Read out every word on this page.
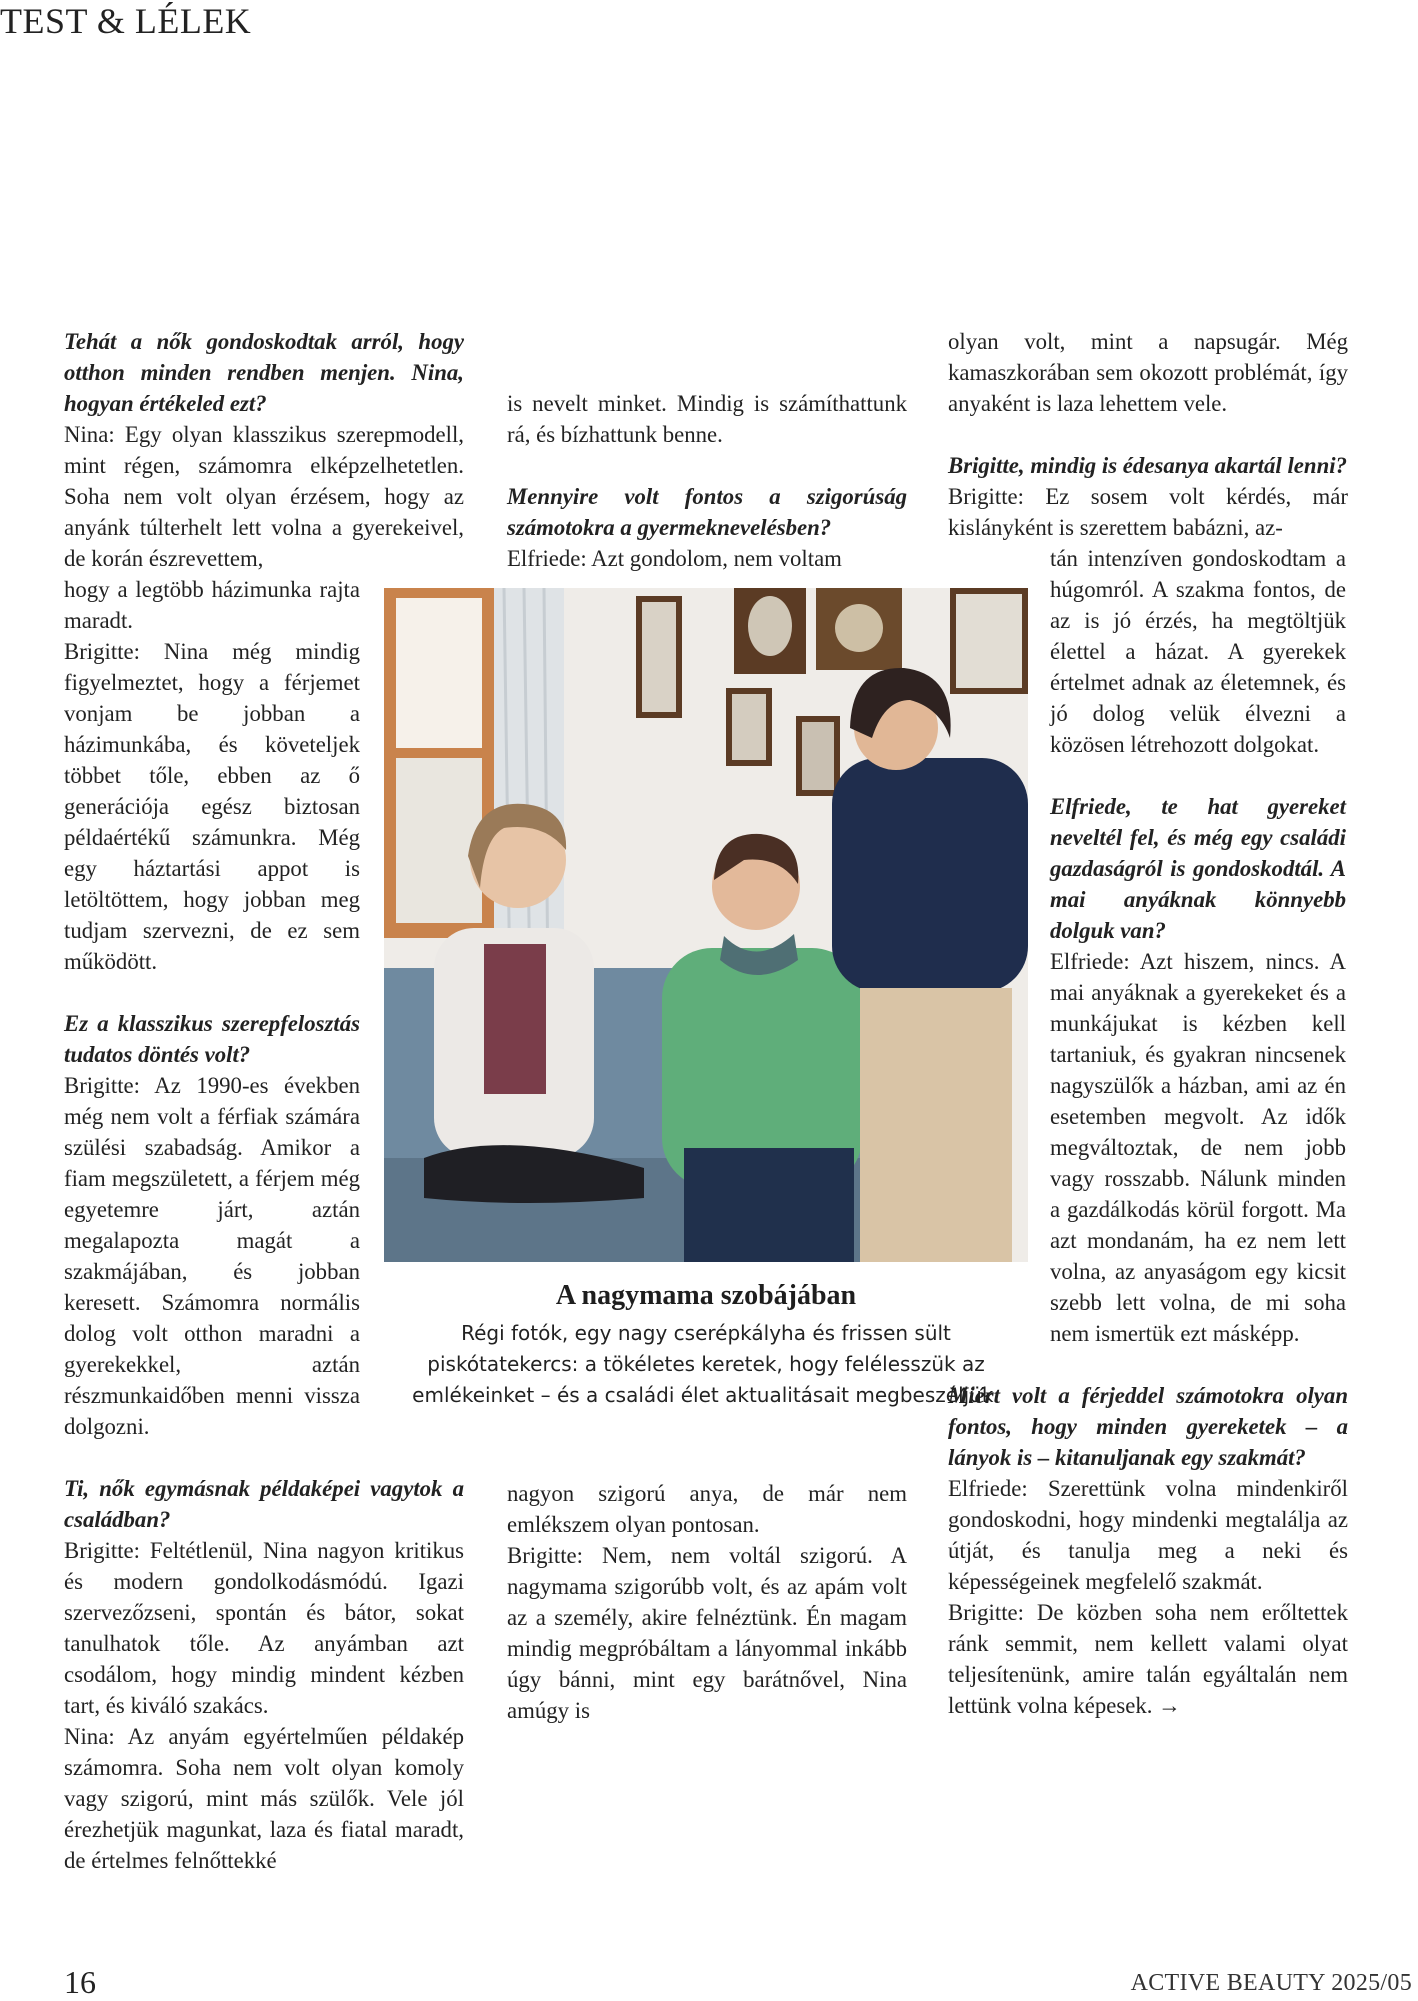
TEST & LÉLEK

Tehát a nők gondoskodtak arról, hogy otthon minden rendben menjen. Nina, hogyan értékeled ezt?

Nina: Egy olyan klasszikus szerepmodell, mint régen, számomra elképzelhetetlen. Soha nem volt olyan érzésem, hogy az anyánk túlterhelt lett volna a gyerekeivel, de korán észrevettem,

hogy a legtöbb házimunka rajta maradt.

Brigitte: Nina még mindig figyelmeztet, hogy a férjemet vonjam be jobban a házimunkába, és követeljek többet tőle, ebben az ő generációja egész biztosan példaértékű számunkra. Még egy háztartási appot is letöltöttem, hogy jobban meg tudjam szervezni, de ez sem működött.

Ez a klasszikus szerepfelosztás tudatos döntés volt?

Brigitte: Az 1990-es években még nem volt a férfiak számára szülési szabadság. Amikor a fiam megszületett, a férjem még egyetemre járt, aztán megalapozta magát a szakmájában, és jobban keresett. Számomra normális dolog volt otthon maradni a gyerekekkel, aztán részmunkaidőben menni vissza dolgozni.

Ti, nők egymásnak példaképei vagytok a családban?

Brigitte: Feltétlenül, Nina nagyon kritikus és modern gondolkodásmódú. Igazi szervezőzseni, spontán és bátor, sokat tanulhatok tőle. Az anyámban azt csodálom, hogy mindig mindent kézben tart, és kiváló szakács.

Nina: Az anyám egyértelműen példakép számomra. Soha nem volt olyan komoly vagy szigorú, mint más szülők. Vele jól érezhetjük magunkat, laza és fiatal maradt, de értelmes felnőttekké

is nevelt minket. Mindig is számíthattunk rá, és bízhattunk benne.

Mennyire volt fontos a szigorúság számotokra a gyermeknevelésben?

Elfriede: Azt gondolom, nem voltam

nagyon szigorú anya, de már nem emlékszem olyan pontosan.

Brigitte: Nem, nem voltál szigorú. A nagymama szigorúbb volt, és az apám volt az a személy, akire felnéztünk. Én magam mindig megpróbáltam a lányommal inkább úgy bánni, mint egy barátnővel, Nina amúgy is

olyan volt, mint a napsugár. Még kamaszkorában sem okozott problémát, így anyaként is laza lehettem vele.

Brigitte, mindig is édesanya akartál lenni?

Brigitte: Ez sosem volt kérdés, már kislányként is szerettem babázni, az-

tán intenzíven gondoskodtam a húgomról. A szakma fontos, de az is jó érzés, ha megtöltjük élettel a házat. A gyerekek értelmet adnak az életemnek, és jó dolog velük élvezni a közösen létrehozott dolgokat.

Elfriede, te hat gyereket neveltél fel, és még egy családi gazdaságról is gondoskodtál. A mai anyáknak könnyebb dolguk van?

Elfriede: Azt hiszem, nincs. A mai anyáknak a gyerekeket és a munkájukat is kézben kell tartaniuk, és gyakran nincsenek nagyszülők a házban, ami az én esetemben megvolt. Az idők megváltoztak, de nem jobb vagy rosszabb. Nálunk minden a gazdálkodás körül forgott. Ma azt mondanám, ha ez nem lett volna, az anyaságom egy kicsit szebb lett volna, de mi soha nem ismertük ezt másképp.

Miért volt a férjeddel számotokra olyan fontos, hogy minden gyereketek – a lányok is – kitanuljanak egy szakmát?

Elfriede: Szerettünk volna mindenkiről gondoskodni, hogy mindenki megtalálja az útját, és tanulja meg a neki és képességeinek megfelelő szakmát.

Brigitte: De közben soha nem erőltettek ránk semmit, nem kellett valami olyat teljesítenünk, amire talán egyáltalán nem lettünk volna képesek. →

A nagymama szobájában
Régi fotók, egy nagy cserépkályha és frissen sült piskótatekercs: a tökéletes keretek, hogy felélesszük az emlékeinket – és a családi élet aktualitásait megbeszéljük.
16	ACTIVE BEAUTY 2025/05
